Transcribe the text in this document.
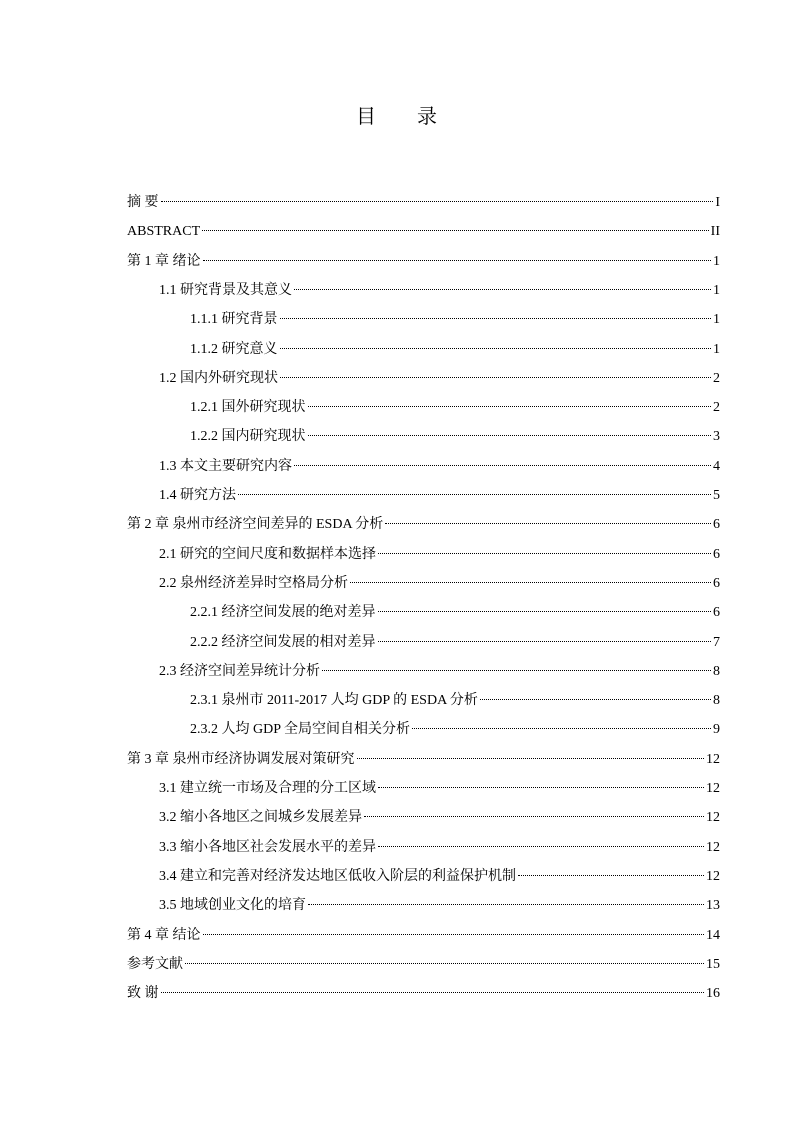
目 录
摘 要	I
ABSTRACT	II
第 1 章 绪论	1
1.1 研究背景及其意义	1
1.1.1 研究背景	1
1.1.2 研究意义	1
1.2 国内外研究现状	2
1.2.1 国外研究现状	2
1.2.2 国内研究现状	3
1.3 本文主要研究内容	4
1.4 研究方法	5
第 2 章 泉州市经济空间差异的 ESDA 分析	6
2.1 研究的空间尺度和数据样本选择	6
2.2 泉州经济差异时空格局分析	6
2.2.1 经济空间发展的绝对差异	6
2.2.2 经济空间发展的相对差异	7
2.3 经济空间差异统计分析	8
2.3.1 泉州市 2011-2017 人均 GDP 的 ESDA 分析	8
2.3.2 人均 GDP 全局空间自相关分析	9
第 3 章 泉州市经济协调发展对策研究	12
3.1 建立统一市场及合理的分工区域	12
3.2 缩小各地区之间城乡发展差异	12
3.3 缩小各地区社会发展水平的差异	12
3.4 建立和完善对经济发达地区低收入阶层的利益保护机制	12
3.5 地域创业文化的培育	13
第 4 章 结论	14
参考文献	15
致 谢	16
